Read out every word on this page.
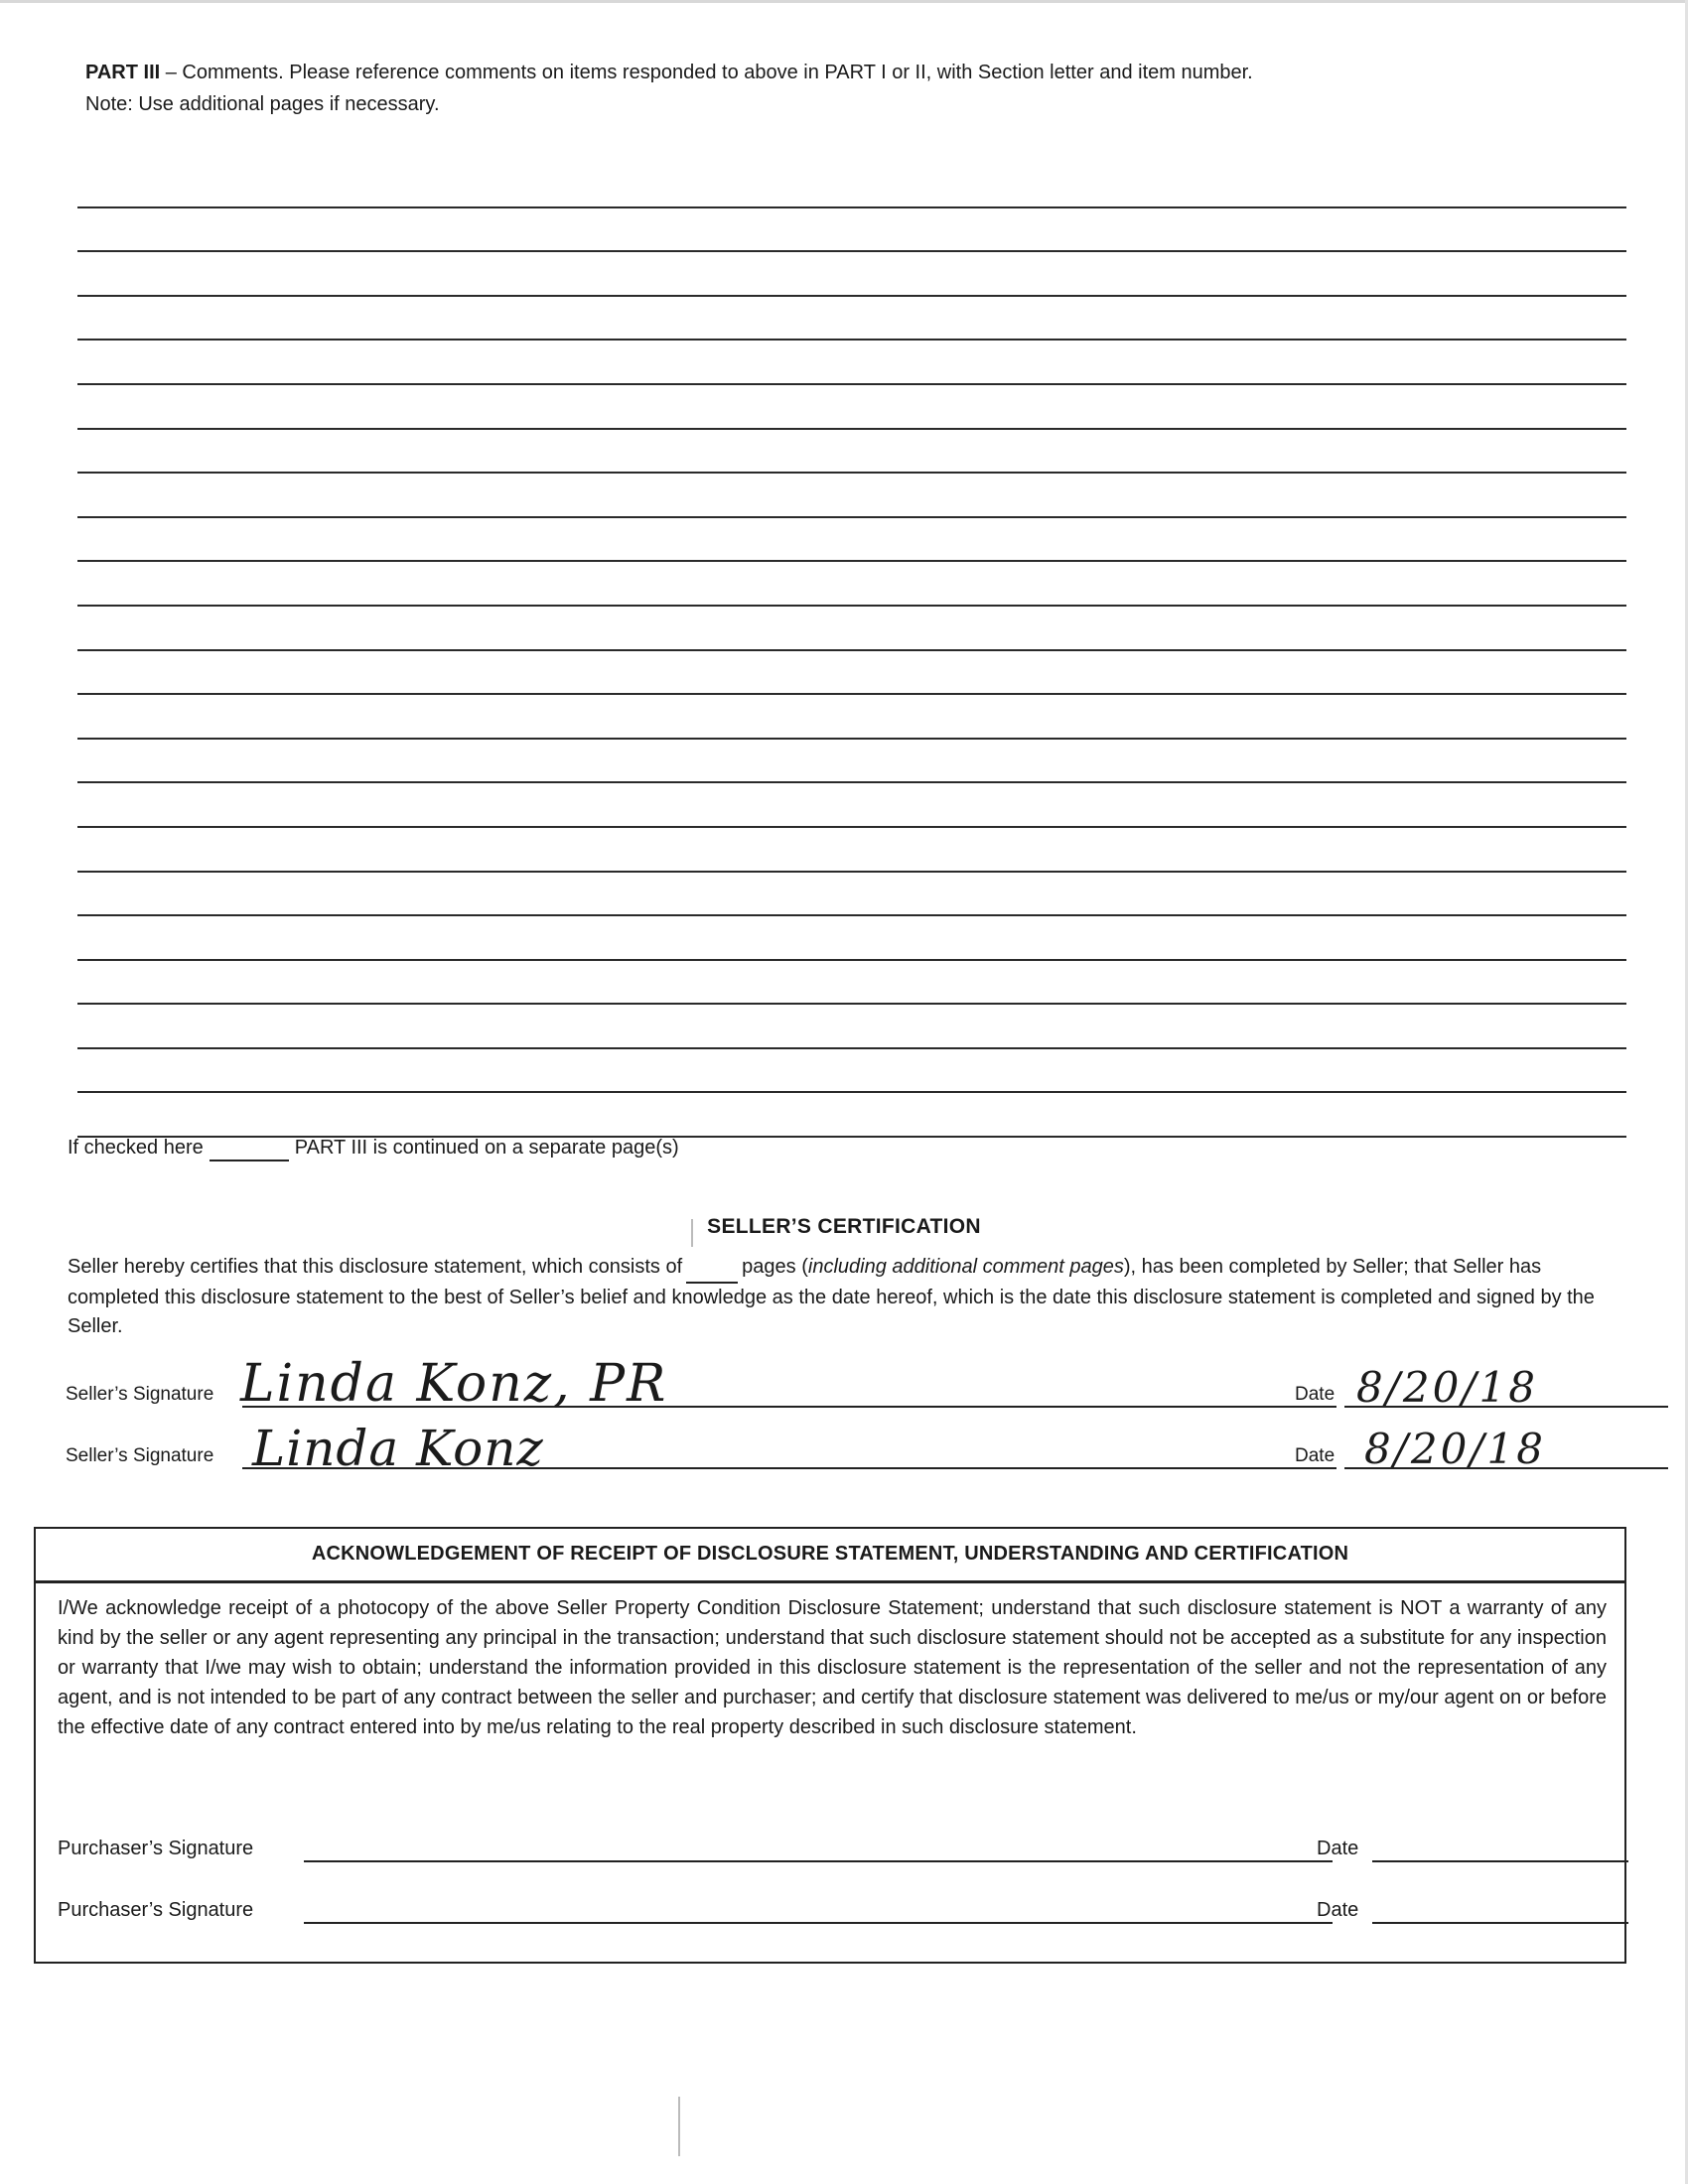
PART III – Comments. Please reference comments on items responded to above in PART I or II, with Section letter and item number.
Note: Use additional pages if necessary.
If checked here	PART III is continued on a separate page(s)
SELLER’S CERTIFICATION
Seller hereby certifies that this disclosure statement, which consists of	pages (including additional comment pages), has been completed by Seller; that Seller has completed this disclosure statement to the best of Seller’s belief and knowledge as the date hereof, which is the date this disclosure statement is completed and signed by the Seller.
Seller’s Signature Linda Konz, PR	Date 8/20/18
Seller’s Signature Linda Konz	Date 8/20/18
ACKNOWLEDGEMENT OF RECEIPT OF DISCLOSURE STATEMENT, UNDERSTANDING AND CERTIFICATION
I/We acknowledge receipt of a photocopy of the above Seller Property Condition Disclosure Statement; understand that such disclosure statement is NOT a warranty of any kind by the seller or any agent representing any principal in the transaction; understand that such disclosure statement should not be accepted as a substitute for any inspection or warranty that I/we may wish to obtain; understand the information provided in this disclosure statement is the representation of the seller and not the representation of any agent, and is not intended to be part of any contract between the seller and purchaser; and certify that disclosure statement was delivered to me/us or my/our agent on or before the effective date of any contract entered into by me/us relating to the real property described in such disclosure statement.
Purchaser’s Signature	Date
Purchaser’s Signature	Date
